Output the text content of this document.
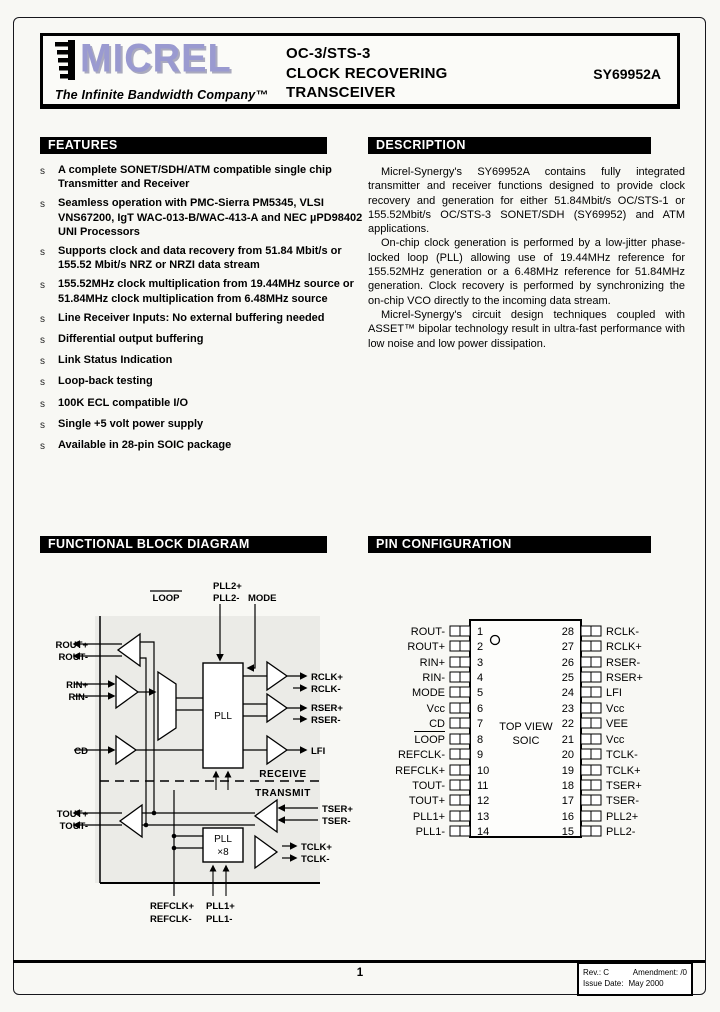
MICREL
The Infinite Bandwidth Company™
OC-3/STS-3
CLOCK RECOVERING
TRANSCEIVER
SY69952A
FEATURES	DESCRIPTION
FUNCTIONAL BLOCK DIAGRAM	PIN CONFIGURATION
s	A complete SONET/SDH/ATM compatible single chip Transmitter and Receiver
s	Seamless operation with PMC-Sierra PM5345, VLSI VNS67200, IgT WAC-013-B/WAC-413-A and NEC µPD98402 UNI Processors
s	Supports clock and data recovery from 51.84 Mbit/s or 155.52 Mbit/s NRZ or NRZI data stream
s	155.52MHz clock multiplication from 19.44MHz source or 51.84MHz clock multiplication from 6.48MHz source
s	Line Receiver Inputs: No external buffering needed
s	Differential output buffering
s	Link Status Indication
s	Loop-back testing
s	100K ECL compatible I/O
s	Single +5 volt power supply
s	Available in 28-pin SOIC package

Micrel-Synergy's SY69952A contains fully integrated transmitter and receiver functions designed to provide clock recovery and generation for either 51.84Mbit/s OC/STS-1 or 155.52Mbit/s OC/STS-3 SONET/SDH (SY69952) and ATM applications.

On-chip clock generation is performed by a low-jitter phase-locked loop (PLL) allowing use of 19.44MHz reference for 155.52MHz generation or a 6.48MHz reference for 51.84MHz generation. Clock recovery is performed by synchronizing the on-chip VCO directly to the incoming data stream.

Micrel-Synergy's circuit design techniques coupled with ASSET™ bipolar technology result in ultra-fast performance with low noise and low power dissipation.

LOOP
PLL2+
PLL2- MODE
ROUT+
ROUT-
RIN+
RIN-
PLL
RCLK+
RCLK-
RSER+
RSER-
CD	LFI
RECEIVE
TRANSMIT
TSER+
TSER-
TOUT+
TOUT-
TCLK+
TCLK-
PLL
×8
REFCLK+
REFCLK-
PLL1+
PLL1-
TOP VIEW
SOIC
ROUT-	1
ROUT+	2
RIN+	3
RIN-	4
MODE	5
Vcc	6
CD	7
LOOP	8
REFCLK-	9
REFCLK+	10
TOUT-	11
TOUT+	12
PLL1+	13
PLL1-	14
28	RCLK-
27	RCLK+
26	RSER-
25	RSER+
24	LFI
23	Vcc
22	VEE
21	Vcc
20	TCLK-
19	TCLK+
18	TSER+
17	TSER-
16	PLL2+
15	PLL2-
1	Rev.: C	Amendment: /0
Issue Date: May 2000
